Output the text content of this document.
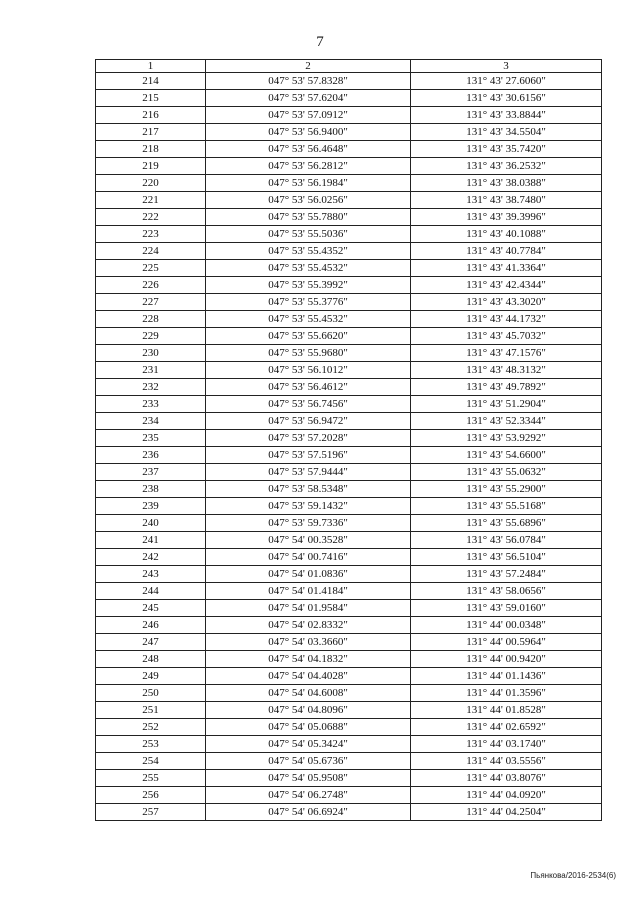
7
1	2	3
214	047° 53' 57.8328"	131° 43' 27.6060"
215	047° 53' 57.6204"	131° 43' 30.6156"
216	047° 53' 57.0912"	131° 43' 33.8844"
217	047° 53' 56.9400"	131° 43' 34.5504"
218	047° 53' 56.4648"	131° 43' 35.7420"
219	047° 53' 56.2812"	131° 43' 36.2532"
220	047° 53' 56.1984"	131° 43' 38.0388"
221	047° 53' 56.0256"	131° 43' 38.7480"
222	047° 53' 55.7880"	131° 43' 39.3996"
223	047° 53' 55.5036"	131° 43' 40.1088"
224	047° 53' 55.4352"	131° 43' 40.7784"
225	047° 53' 55.4532"	131° 43' 41.3364"
226	047° 53' 55.3992"	131° 43' 42.4344"
227	047° 53' 55.3776"	131° 43' 43.3020"
228	047° 53' 55.4532"	131° 43' 44.1732"
229	047° 53' 55.6620"	131° 43' 45.7032"
230	047° 53' 55.9680"	131° 43' 47.1576"
231	047° 53' 56.1012"	131° 43' 48.3132"
232	047° 53' 56.4612"	131° 43' 49.7892"
233	047° 53' 56.7456"	131° 43' 51.2904"
234	047° 53' 56.9472"	131° 43' 52.3344"
235	047° 53' 57.2028"	131° 43' 53.9292"
236	047° 53' 57.5196"	131° 43' 54.6600"
237	047° 53' 57.9444"	131° 43' 55.0632"
238	047° 53' 58.5348"	131° 43' 55.2900"
239	047° 53' 59.1432"	131° 43' 55.5168"
240	047° 53' 59.7336"	131° 43' 55.6896"
241	047° 54' 00.3528"	131° 43' 56.0784"
242	047° 54' 00.7416"	131° 43' 56.5104"
243	047° 54' 01.0836"	131° 43' 57.2484"
244	047° 54' 01.4184"	131° 43' 58.0656"
245	047° 54' 01.9584"	131° 43' 59.0160"
246	047° 54' 02.8332"	131° 44' 00.0348"
247	047° 54' 03.3660"	131° 44' 00.5964"
248	047° 54' 04.1832"	131° 44' 00.9420"
249	047° 54' 04.4028"	131° 44' 01.1436"
250	047° 54' 04.6008"	131° 44' 01.3596"
251	047° 54' 04.8096"	131° 44' 01.8528"
252	047° 54' 05.0688"	131° 44' 02.6592"
253	047° 54' 05.3424"	131° 44' 03.1740"
254	047° 54' 05.6736"	131° 44' 03.5556"
255	047° 54' 05.9508"	131° 44' 03.8076"
256	047° 54' 06.2748"	131° 44' 04.0920"
257	047° 54' 06.6924"	131° 44' 04.2504"
Пьянкова/2016-2534(6)
